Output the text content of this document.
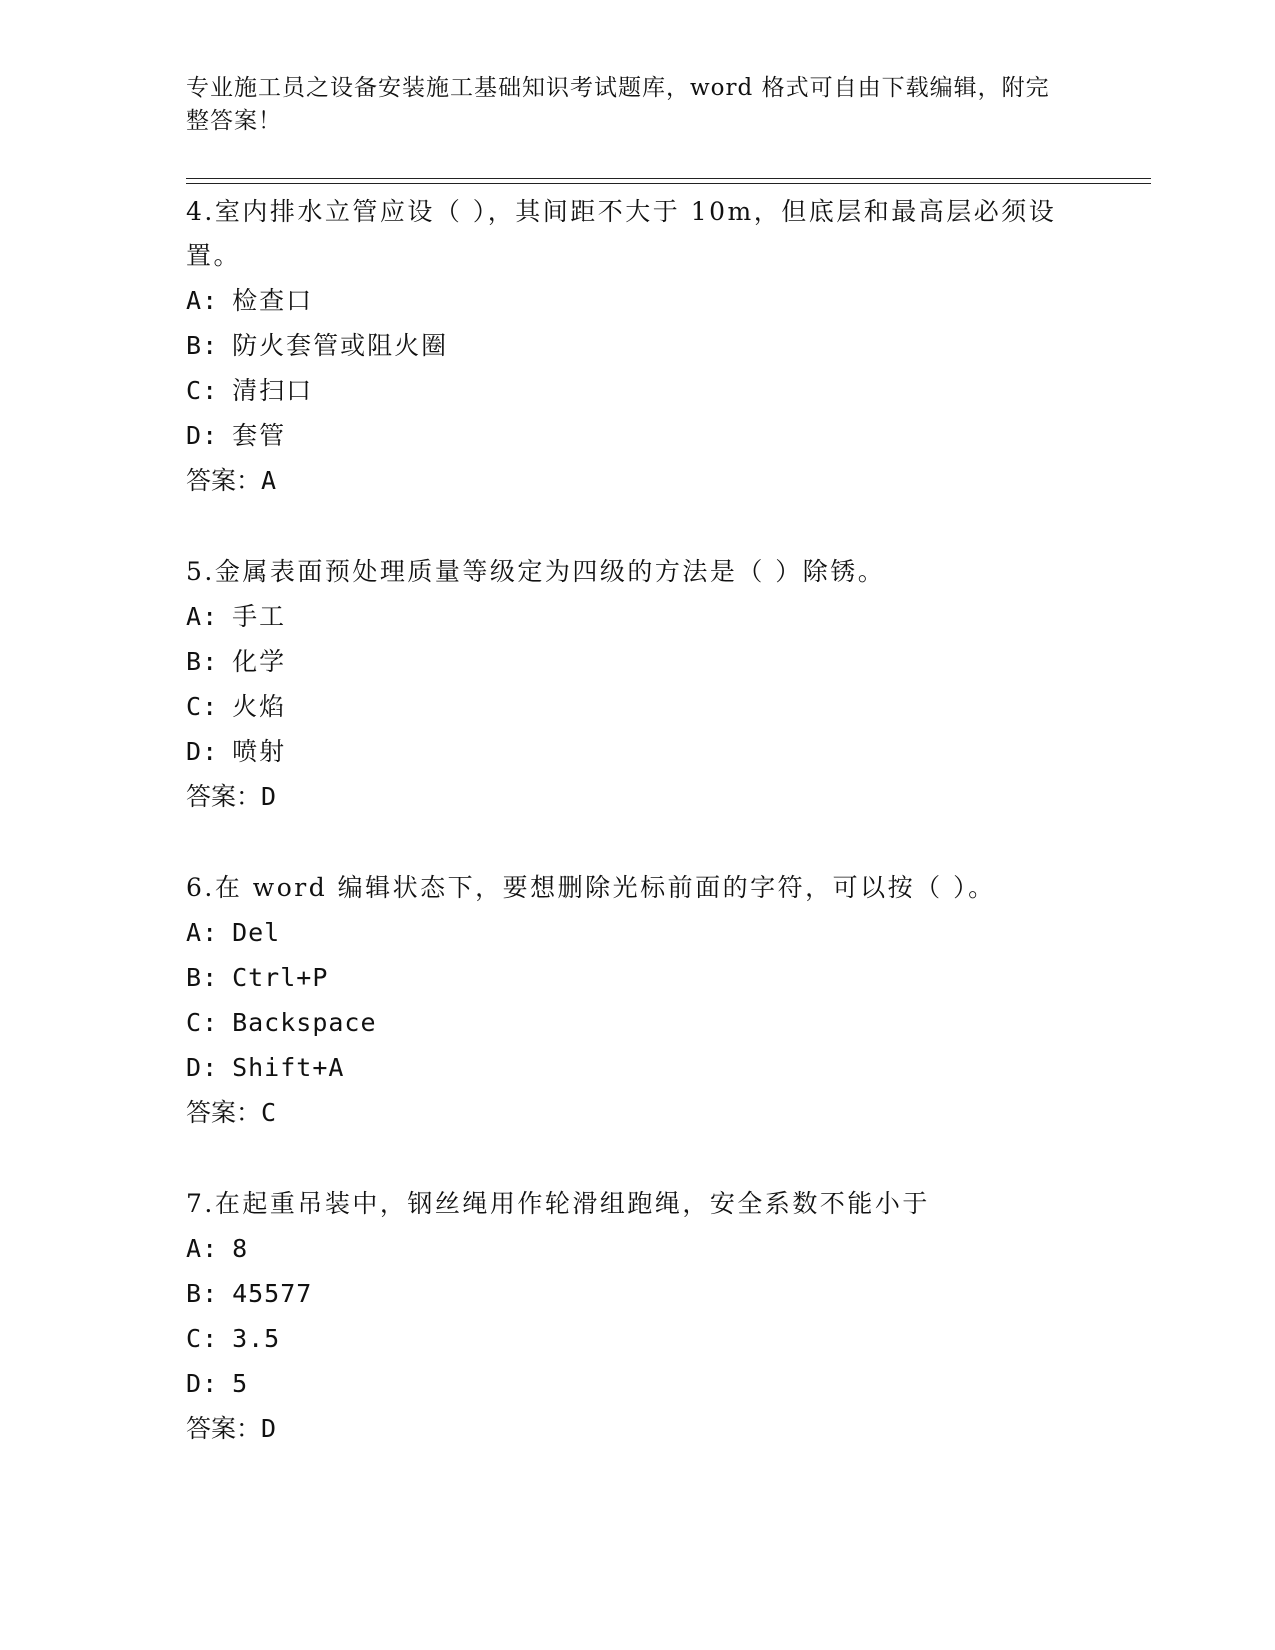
专业施工员之设备安装施工基础知识考试题库，word 格式可自由下载编辑，附完整答案！

4.室内排水立管应设（ ），其间距不大于 10m，但底层和最高层必须设置。

A : 检查口
B : 防火套管或阻火圈
C : 清扫口
D : 套管
答案：A

5.金属表面预处理质量等级定为四级的方法是（ ）除锈。

A : 手工
B : 化学
C : 火焰
D : 喷射
答案：D

6.在 word 编辑状态下，要想删除光标前面的字符，可以按（ ）。

A : Del
B : Ctrl+P
C : Backspace
D : Shift+A
答案：C

7.在起重吊装中，钢丝绳用作轮滑组跑绳，安全系数不能小于

A : 8
B : 45577
C : 3.5
D : 5
答案：D
